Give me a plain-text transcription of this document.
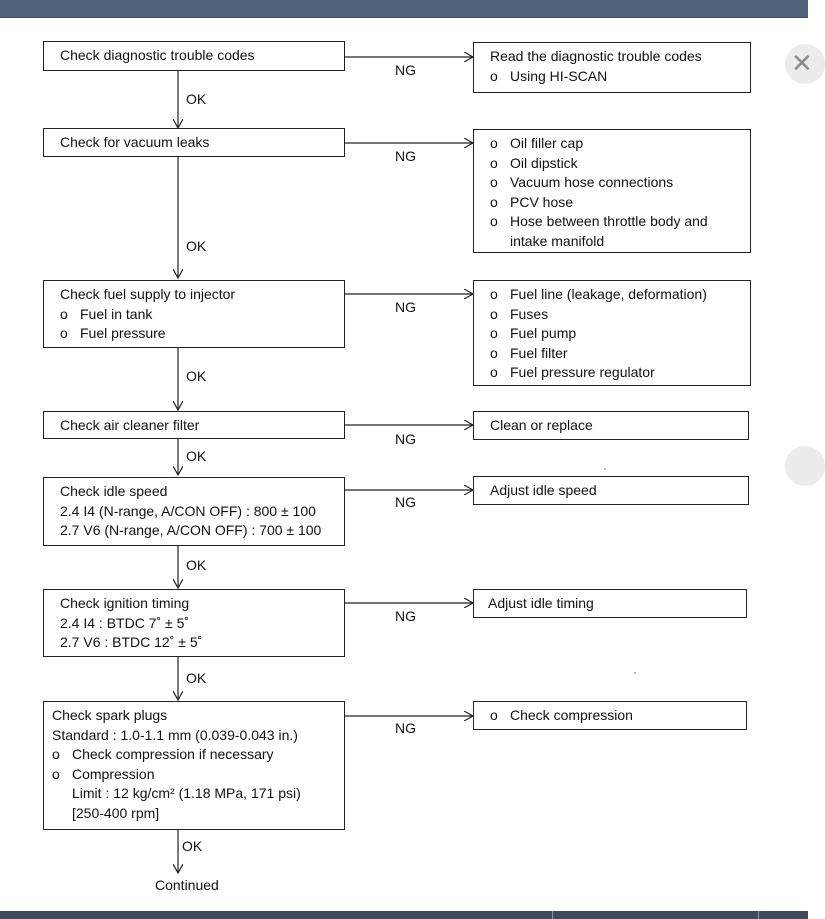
Check diagnostic trouble codes
Check for vacuum leaks
Check fuel supply to injector
o Fuel in tank
o Fuel pressure
Check air cleaner filter
Check idle speed
2.4 I4 (N-range, A/CON OFF) : 800 ± 100
2.7 V6 (N-range, A/CON OFF) : 700 ± 100
Check ignition timing
2.4 I4 : BTDC 7˚ ± 5˚
2.7 V6 : BTDC 12˚ ± 5˚
Check spark plugs
Standard : 1.0-1.1 mm (0.039-0.043 in.)
o Check compression if necessary
o Compression
Limit : 12 kg/cm² (1.18 MPa, 171 psi)
[250-400 rpm]
Read the diagnostic trouble codes
o Using HI-SCAN
o Oil filler cap
o Oil dipstick
o Vacuum hose connections
o PCV hose
o Hose between throttle body and
intake manifold
o Fuel line (leakage, deformation)
o Fuses
o Fuel pump
o Fuel filter
o Fuel pressure regulator
Clean or replace
Adjust idle speed
Adjust idle timing
o Check compression
OK
OK
OK
OK
OK
OK
OK
NG
NG
NG
NG
NG
NG
NG
Continued
✕
